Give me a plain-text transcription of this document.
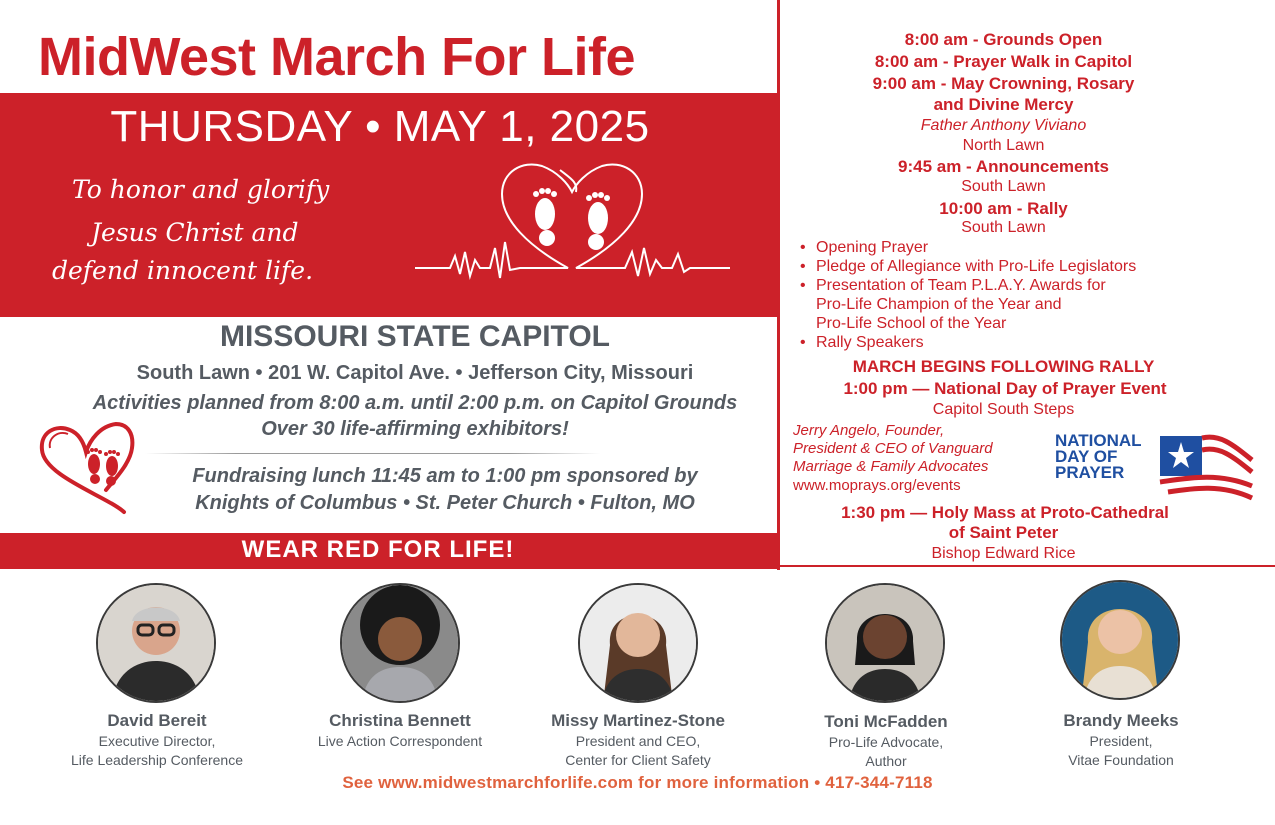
MidWest March For Life
THURSDAY • MAY 1, 2025
To honor and glorify
Jesus Christ and
defend innocent life.
MISSOURI STATE CAPITOL
South Lawn • 201 W. Capitol Ave. • Jefferson City, Missouri
Activities planned from 8:00 a.m. until 2:00 p.m. on Capitol Grounds
Over 30 life-affirming exhibitors!
Fundraising lunch 11:45 am to 1:00 pm sponsored by
Knights of Columbus • St. Peter Church • Fulton, MO
WEAR RED FOR LIFE!
8:00 am - Grounds Open
8:00 am - Prayer Walk in Capitol
9:00 am - May Crowning, Rosary
and Divine Mercy
Father Anthony Viviano
North Lawn
9:45 am - Announcements
South Lawn
10:00 am - Rally
South Lawn
• Opening Prayer
• Pledge of Allegiance with Pro-Life Legislators
• Presentation of Team P.L.A.Y. Awards for
Pro-Life Champion of the Year and
Pro-Life School of the Year
• Rally Speakers
MARCH BEGINS FOLLOWING RALLY
1:00 pm — National Day of Prayer Event
Capitol South Steps
Jerry Angelo, Founder,
President & CEO of Vanguard
Marriage & Family Advocates
www.moprays.org/events
NATIONAL
DAY OF
PRAYER
1:30 pm — Holy Mass at Proto-Cathedral
of Saint Peter
Bishop Edward Rice
David Bereit
Executive Director,
Life Leadership Conference
Christina Bennett
Live Action Correspondent
Missy Martinez-Stone
President and CEO,
Center for Client Safety
Toni McFadden
Pro-Life Advocate,
Author
Brandy Meeks
President,
Vitae Foundation
See www.midwestmarchforlife.com for more information • 417-344-7118
